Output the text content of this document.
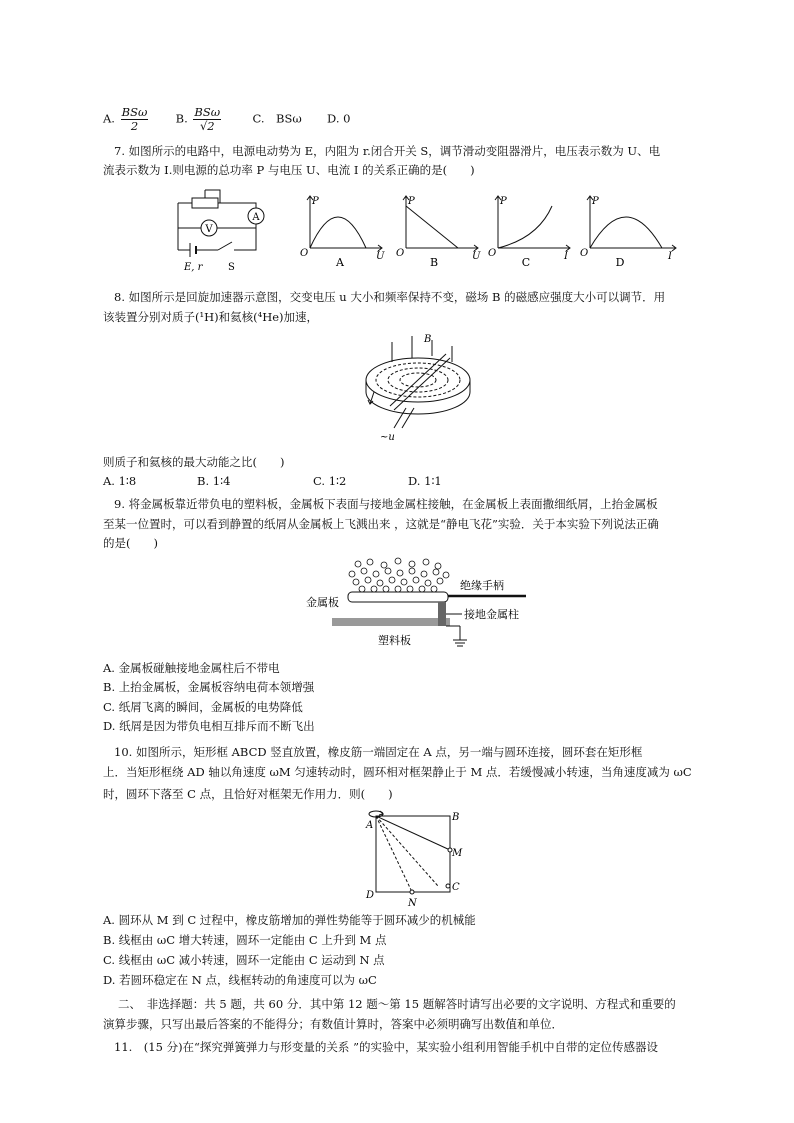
A. $\frac{\text{BSω}}{2} B$. $\frac{\text{BSω}}{√2}$	C.　BSω D. 0
7. 如图所示的电路中，电源电动势为 E，内阻为 r.闭合开关 S，调节滑动变阻器滑片，电压表示数为 U、电
流表示数为 I.则电源的总功率 P 与电压 U、电流 I 的关系正确的是(　　)
V
A
E, r	S
P
O	U
A
P
O	U
B
P
O	I
C
P
O	I
D
8. 如图所示是回旋加速器示意图，交变电压 u 大小和频率保持不变，磁场 B 的磁感应强度大小可以调节．用
该装置分别对质子(¹H)和氦核(⁴He)加速，
B
~u
则质子和氦核的最大动能之比(　　)
A. 1∶8	B. 1∶4	C. 1∶2	D. 1∶1
9. 将金属板靠近带负电的塑料板，金属板下表面与接地金属柱接触，在金属板上表面撒细纸屑，上抬金属板
至某一位置时，可以看到静置的纸屑从金属板上飞溅出来 ，这就是“静电飞花”实验．关于本实验下列说法正确
的是(　　)
金属板
绝缘手柄
接地金属柱
塑料板
A. 金属板碰触接地金属柱后不带电
B. 上抬金属板，金属板容纳电荷本领增强
C. 纸屑飞离的瞬间，金属板的电势降低
D. 纸屑是因为带负电相互排斥而不断飞出
10. 如图所示，矩形框 ABCD 竖直放置，橡皮筋一端固定在 A 点，另一端与圆环连接，圆环套在矩形框
上．当矩形框绕 AD 轴以角速度 ωM 匀速转动时，圆环相对框架静止于 M 点．若缓慢减小转速，当角速度减为 ωC
时，圆环下落至 C 点，且恰好对框架无作用力．则(　　)
A
B
M
C
D
N
A. 圆环从 M 到 C 过程中，橡皮筋增加的弹性势能等于圆环减少的机械能
B. 线框由 ωC 增大转速，圆环一定能由 C 上升到 M 点
C. 线框由 ωC 减小转速，圆环一定能由 C 运动到 N 点
D. 若圆环稳定在 N 点，线框转动的角速度可以为 ωC
二、　非选择题：共 5 题，共 60 分．其中第 12 题～第 15 题解答时请写出必要的文字说明、方程式和重要的
演算步骤，只写出最后答案的不能得分；有数值计算时，答案中必须明确写出数值和单位．
11.　(15 分)在“探究弹簧弹力与形变量的关系 ”的实验中，某实验小组利用智能手机中自带的定位传感器设
